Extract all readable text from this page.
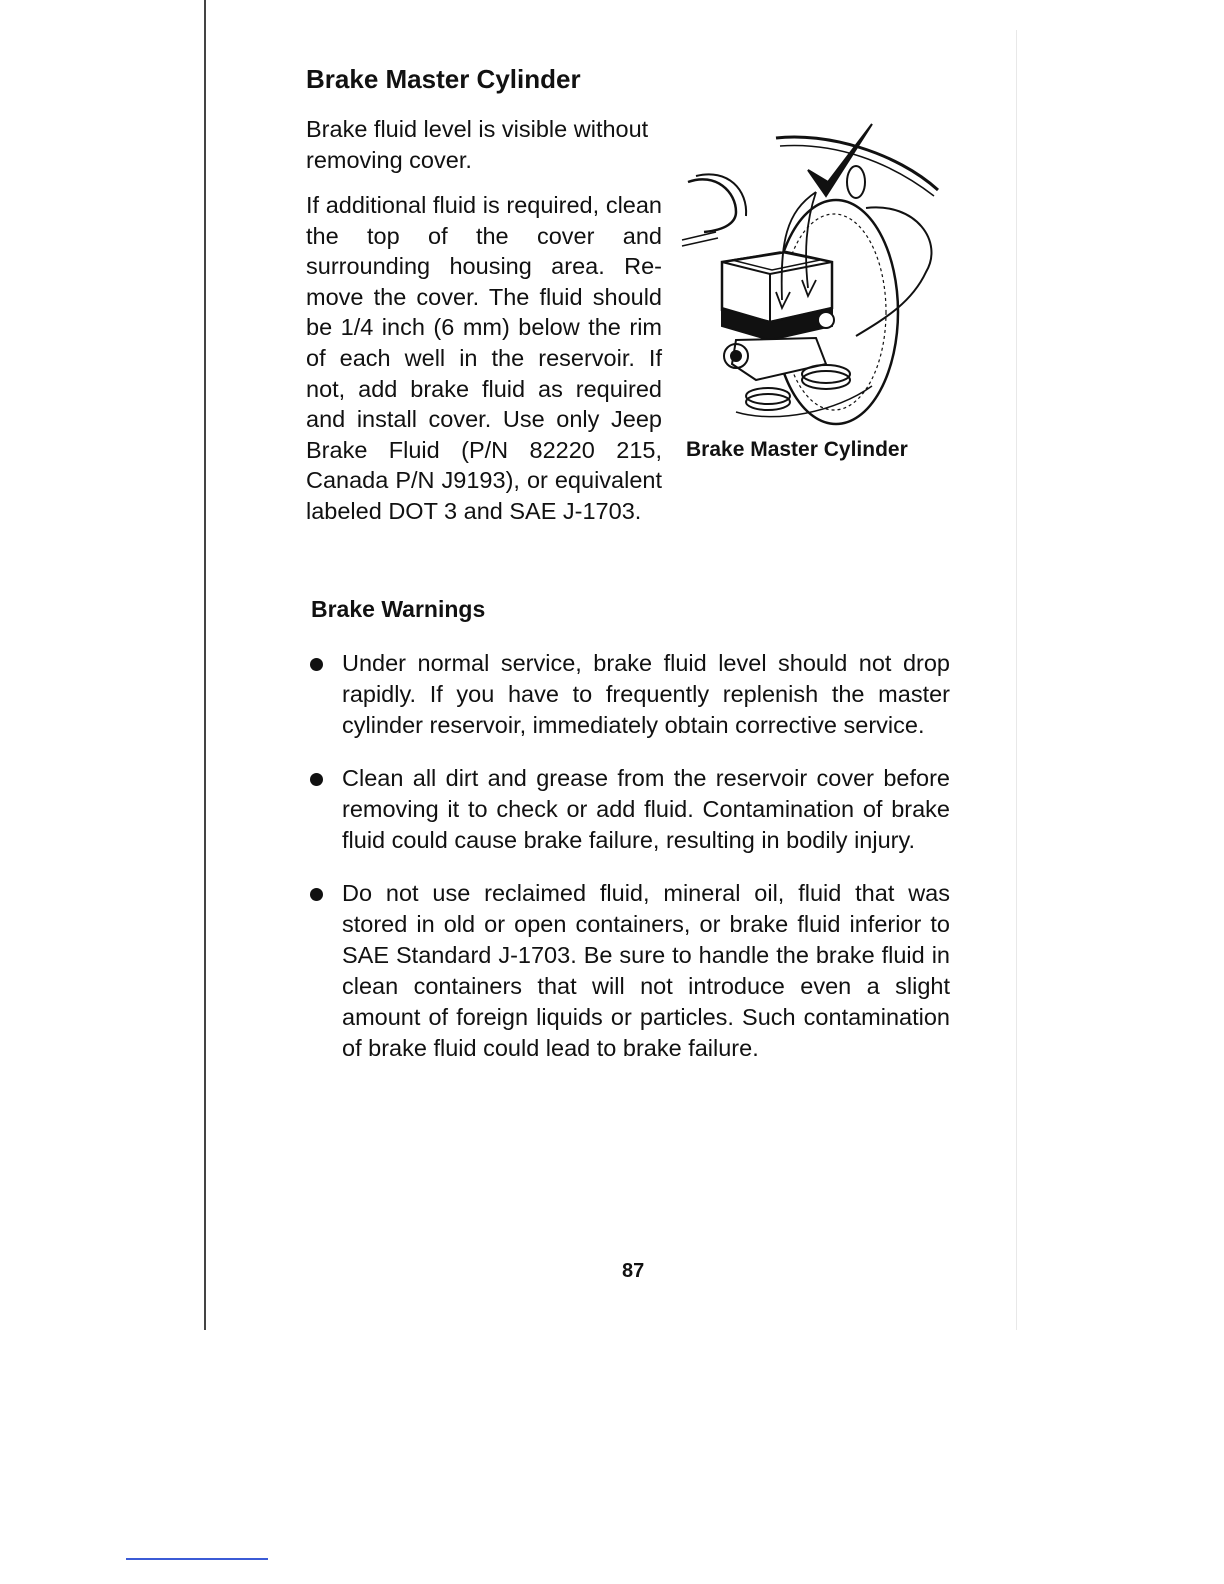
Brake Master Cylinder

Brake fluid level is visible without removing cover.

If additional fluid is required, clean the top of the cover and surrounding housing area. Remove the cover. The fluid should be 1/4 inch (6 mm) below the rim of each well in the reservoir. If not, add brake fluid as required and install cover. Use only Jeep Brake Fluid (P/N 82220 215, Canada P/N J9193), or equivalent labeled DOT 3 and SAE J-1703.

Brake Master Cylinder

Brake Warnings
Under normal service, brake fluid level should not drop rapidly. If you have to frequently replenish the master cylinder reservoir, immediately obtain corrective service.
Clean all dirt and grease from the reservoir cover before removing it to check or add fluid. Contamination of brake fluid could cause brake failure, resulting in bodily injury.
Do not use reclaimed fluid, mineral oil, fluid that was stored in old or open containers, or brake fluid inferior to SAE Standard J-1703. Be sure to handle the brake fluid in clean containers that will not introduce even a slight amount of foreign liquids or particles. Such contamination of brake fluid could lead to brake failure.

87
